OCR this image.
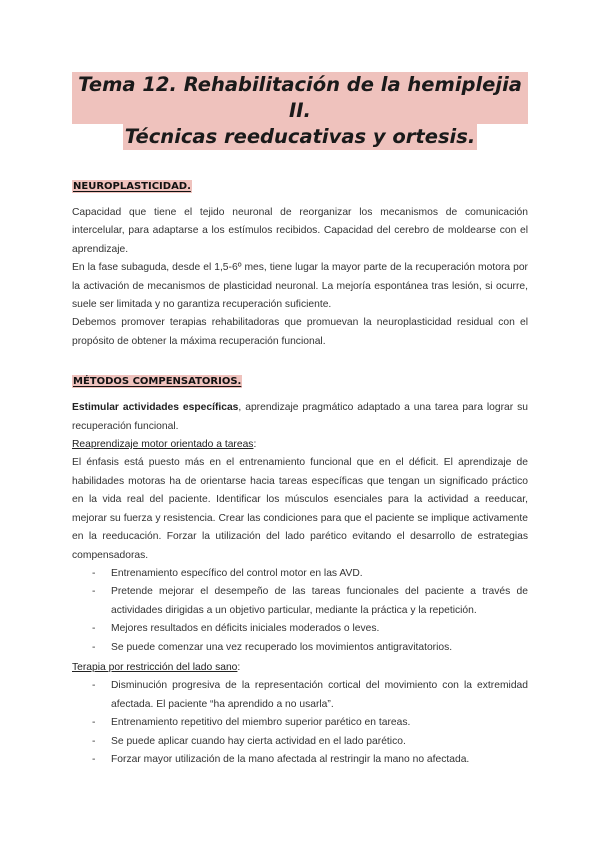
Tema 12. Rehabilitación de la hemiplejia II.
Técnicas reeducativas y ortesis.
NEUROPLASTICIDAD.

Capacidad que tiene el tejido neuronal de reorganizar los mecanismos de comunicación intercelular, para adaptarse a los estímulos recibidos. Capacidad del cerebro de moldearse con el aprendizaje.

En la fase subaguda, desde el 1,5-6º mes, tiene lugar la mayor parte de la recuperación motora por la activación de mecanismos de plasticidad neuronal. La mejoría espontánea tras lesión, si ocurre, suele ser limitada y no garantiza recuperación suficiente.

Debemos promover terapias rehabilitadoras que promuevan la neuroplasticidad residual con el propósito de obtener la máxima recuperación funcional.

MÉTODOS COMPENSATORIOS.

Estimular actividades específicas, aprendizaje pragmático adaptado a una tarea para lograr su recuperación funcional.

Reaprendizaje motor orientado a tareas:

El énfasis está puesto más en el entrenamiento funcional que en el déficit. El aprendizaje de habilidades motoras ha de orientarse hacia tareas específicas que tengan un significado práctico en la vida real del paciente. Identificar los músculos esenciales para la actividad a reeducar, mejorar su fuerza y resistencia. Crear las condiciones para que el paciente se implique activamente en la reeducación. Forzar la utilización del lado parético evitando el desarrollo de estrategias compensadoras.

- Entrenamiento específico del control motor en las AVD.
- Pretende mejorar el desempeño de las tareas funcionales del paciente a través de actividades dirigidas a un objetivo particular, mediante la práctica y la repetición.
- Mejores resultados en déficits iniciales moderados o leves.
- Se puede comenzar una vez recuperado los movimientos antigravitatorios.

Terapia por restricción del lado sano:

- Disminución progresiva de la representación cortical del movimiento con la extremidad afectada. El paciente “ha aprendido a no usarla”.
- Entrenamiento repetitivo del miembro superior parético en tareas.
- Se puede aplicar cuando hay cierta actividad en el lado parético.
- Forzar mayor utilización de la mano afectada al restringir la mano no afectada.
